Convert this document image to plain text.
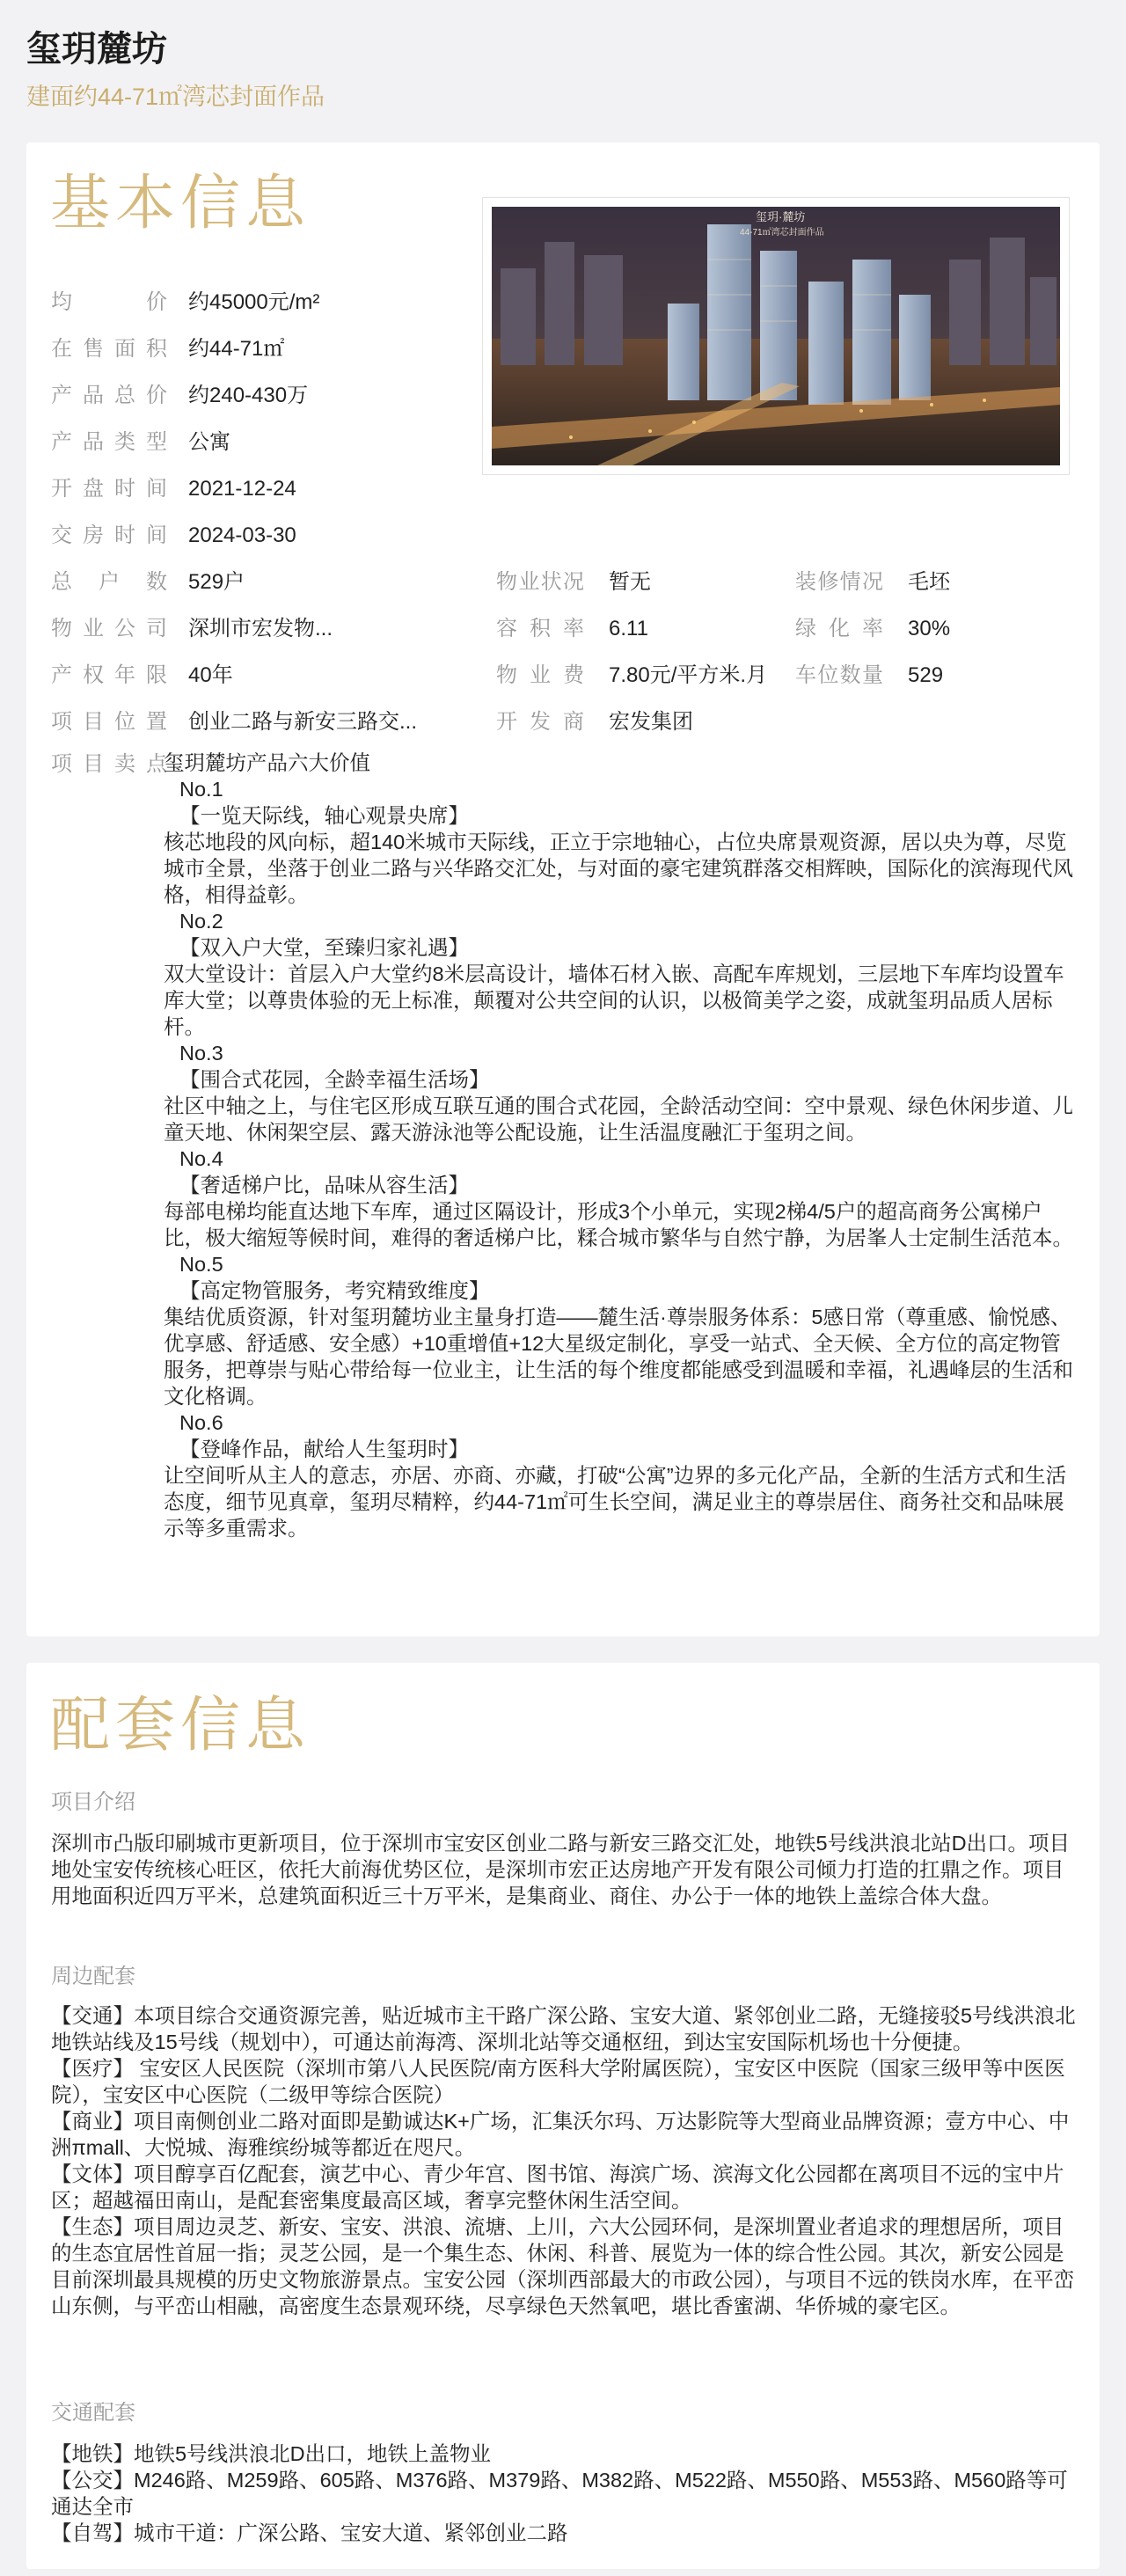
玺玥麓坊
建面约44-71㎡湾芯封面作品
基本信息	玺玥·麓坊
44-71㎡湾芯封面作品
均价 约45000元/m²
在售面积 约44-71㎡
产品总价 约240-430万
产品类型 公寓
开盘时间 2021-12-24
交房时间 2024-03-30
总户数 529户
物业公司 深圳市宏发物...
产权年限 40年
项目位置 创业二路与新安三路交...
物业状况 暂无
容积率 6.11
物业费 7.80元/平方米.月
开发商 宏发集团
装修情况 毛坯
绿化率 30%
车位数量 529
项目卖点
玺玥麓坊产品六大价值
No.1
【一览天际线，轴心观景央席】
核芯地段的风向标，超140米城市天际线，正立于宗地轴心，占位央席景观资源，居以央为尊，尽览城市全景，坐落于创业二路与兴华路交汇处，与对面的豪宅建筑群落交相辉映，国际化的滨海现代风格，相得益彰。
No.2
【双入户大堂，至臻归家礼遇】
双大堂设计：首层入户大堂约8米层高设计，墙体石材入嵌、高配车库规划，三层地下车库均设置车库大堂；以尊贵体验的无上标准，颠覆对公共空间的认识，以极简美学之姿，成就玺玥品质人居标杆。
No.3
【围合式花园，全龄幸福生活场】
社区中轴之上，与住宅区形成互联互通的围合式花园，全龄活动空间：空中景观、绿色休闲步道、儿童天地、休闲架空层、露天游泳池等公配设施，让生活温度融汇于玺玥之间。
No.4
【奢适梯户比，品味从容生活】
每部电梯均能直达地下车库，通过区隔设计，形成3个小单元，实现2梯4/5户的超高商务公寓梯户比，极大缩短等候时间，难得的奢适梯户比，糅合城市繁华与自然宁静，为居峯人士定制生活范本。
No.5
【高定物管服务，考究精致维度】
集结优质资源，针对玺玥麓坊业主量身打造——麓生活·尊崇服务体系：5感日常（尊重感、愉悦感、优享感、舒适感、安全感）+10重增值+12大星级定制化，享受一站式、全天候、全方位的高定物管服务，把尊崇与贴心带给每一位业主，让生活的每个维度都能感受到温暖和幸福，礼遇峰层的生活和文化格调。
No.6
【登峰作品，献给人生玺玥时】
让空间听从主人的意志，亦居、亦商、亦藏，打破“公寓”边界的多元化产品，全新的生活方式和生活态度，细节见真章，玺玥尽精粹，约44-71㎡可生长空间，满足业主的尊崇居住、商务社交和品味展示等多重需求。
配套信息
项目介绍
深圳市凸版印刷城市更新项目，位于深圳市宝安区创业二路与新安三路交汇处，地铁5号线洪浪北站D出口。项目地处宝安传统核心旺区，依托大前海优势区位，是深圳市宏正达房地产开发有限公司倾力打造的扛鼎之作。项目用地面积近四万平米，总建筑面积近三十万平米，是集商业、商住、办公于一体的地铁上盖综合体大盘。
周边配套
【交通】本项目综合交通资源完善，贴近城市主干路广深公路、宝安大道、紧邻创业二路，无缝接驳5号线洪浪北地铁站线及15号线（规划中），可通达前海湾、深圳北站等交通枢纽，到达宝安国际机场也十分便捷。
【医疗】 宝安区人民医院（深圳市第八人民医院/南方医科大学附属医院），宝安区中医院（国家三级甲等中医医院），宝安区中心医院（二级甲等综合医院）
【商业】项目南侧创业二路对面即是勤诚达K+广场，汇集沃尔玛、万达影院等大型商业品牌资源；壹方中心、中洲πmall、大悦城、海雅缤纷城等都近在咫尺。
【文体】项目醇享百亿配套，演艺中心、青少年宫、图书馆、海滨广场、滨海文化公园都在离项目不远的宝中片区；超越福田南山，是配套密集度最高区域，奢享完整休闲生活空间。
【生态】项目周边灵芝、新安、宝安、洪浪、流塘、上川，六大公园环伺，是深圳置业者追求的理想居所，项目的生态宜居性首屈一指；灵芝公园，是一个集生态、休闲、科普、展览为一体的综合性公园。其次，新安公园是目前深圳最具规模的历史文物旅游景点。宝安公园（深圳西部最大的市政公园），与项目不远的铁岗水库，在平峦山东侧，与平峦山相融，高密度生态景观环绕，尽享绿色天然氧吧，堪比香蜜湖、华侨城的豪宅区。
交通配套
【地铁】地铁5号线洪浪北D出口，地铁上盖物业
【公交】M246路、M259路、605路、M376路、M379路、M382路、M522路、M550路、M553路、M560路等可通达全市
【自驾】城市干道：广深公路、宝安大道、紧邻创业二路
